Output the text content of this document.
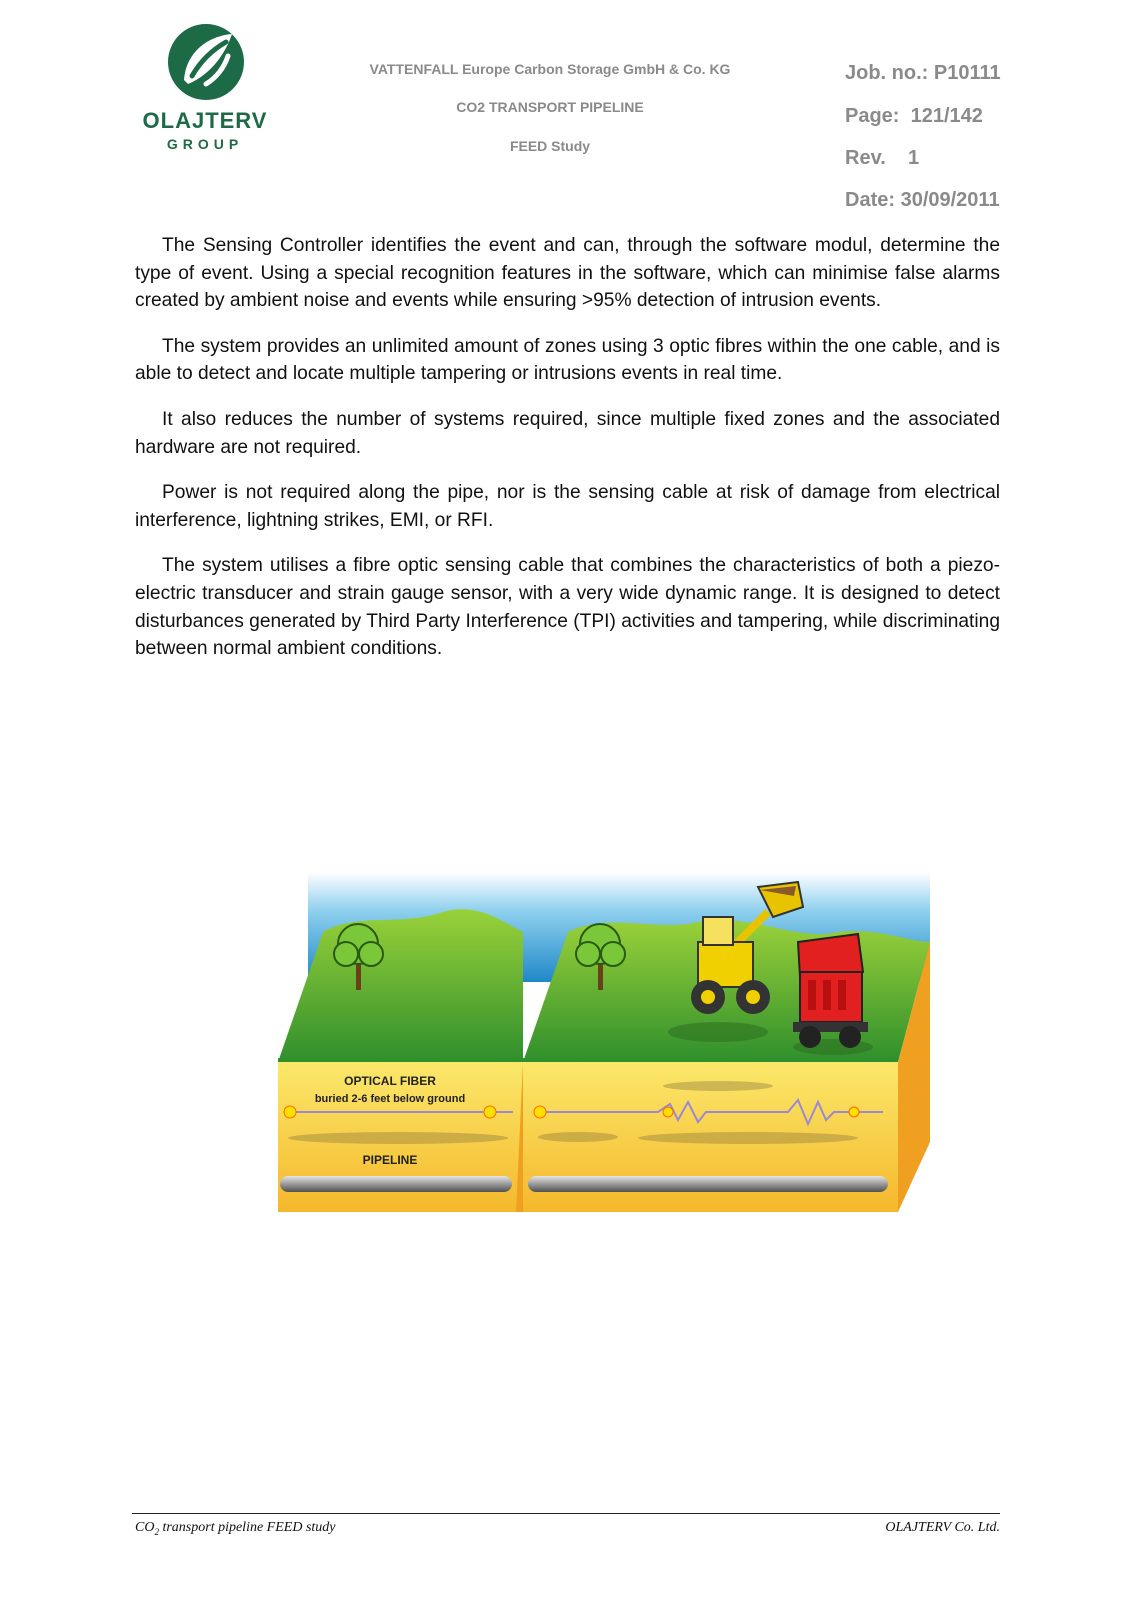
OLAJTERV
GROUP
VATTENFALL Europe Carbon Storage GmbH & Co. KG
CO2 TRANSPORT PIPELINE
FEED Study
Job. no.: P10111
Page:  121/142
Rev.    1
Date: 30/09/2011

The Sensing Controller identifies the event and can, through the software modul, determine the type of event. Using a special recognition features in the software, which can minimise false alarms created by ambient noise and events while ensuring >95% detection of intrusion events.

The system provides an unlimited amount of zones using 3 optic fibres within the one cable, and is able to detect and locate multiple tampering or intrusions events in real time.

It also reduces the number of systems required, since multiple fixed zones and the associated hardware are not required.

Power is not required along the pipe, nor is the sensing cable at risk of damage from electrical interference, lightning strikes, EMI, or RFI.

The system utilises a fibre optic sensing cable that combines the characteristics of both a piezo-electric transducer and strain gauge sensor, with a very wide dynamic range. It is designed to detect disturbances generated by Third Party Interference (TPI) activities and tampering, while discriminating between normal ambient conditions.

OPTICAL FIBER
buried 2-6 feet below ground
PIPELINE
$CO_2$ transport pipeline FEED study	OLAJTERV Co. Ltd.
